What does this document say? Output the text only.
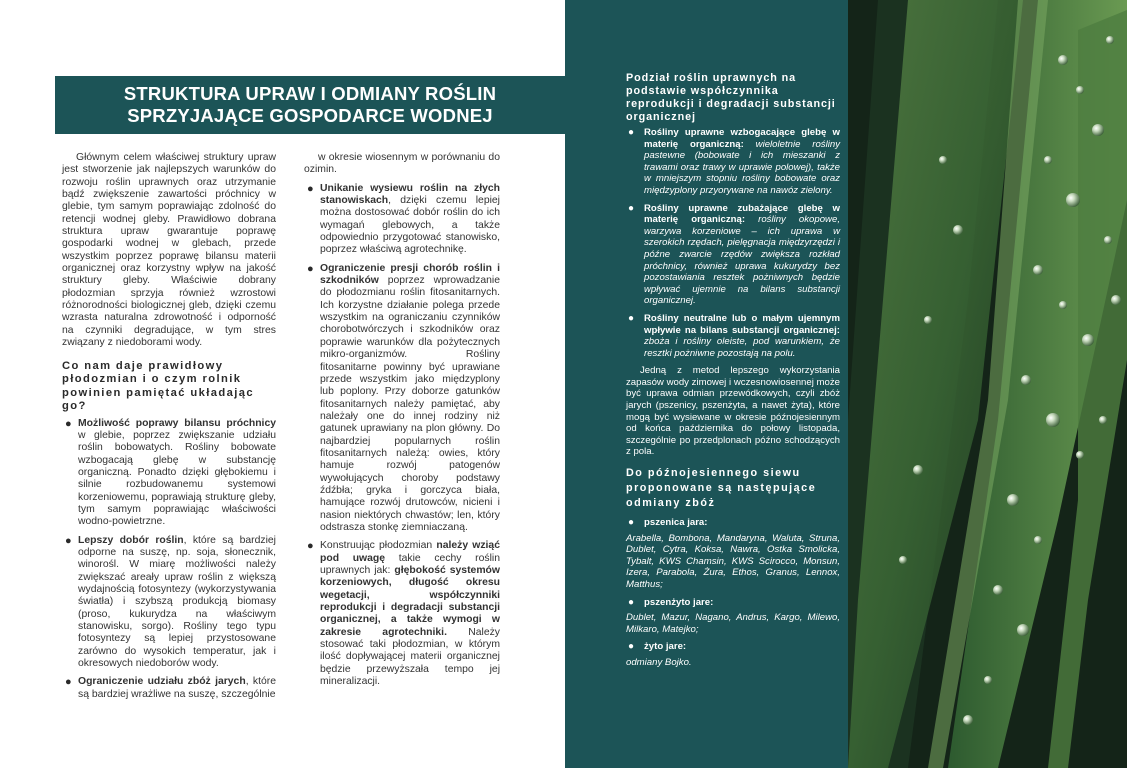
STRUKTURA UPRAW I ODMIANY ROŚLIN
SPRZYJAJĄCE GOSPODARCE WODNEJ

Głównym celem właściwej struktury upraw jest stworzenie jak najlepszych warunków do rozwoju roślin uprawnych oraz utrzymanie bądź zwiększenie zawartości próchnicy w glebie, tym samym poprawiając zdolność do retencji wodnej gleby. Prawidłowo dobrana struktura upraw gwarantuje poprawę gospodarki wodnej w glebach, przede wszystkim poprzez poprawę bilansu materii organicznej oraz korzystny wpływ na jakość struktury gleby. Właściwie dobrany płodozmian sprzyja również wzrostowi różnorodności biologicznej gleb, dzięki czemu wzrasta naturalna zdrowotność i odporność na czynniki degradujące, w tym stres związany z niedoborami wody.

Co nam daje prawidłowy płodozmian i o czym rolnik powinien pamiętać układając go?
● Możliwość poprawy bilansu próchnicy w glebie, poprzez zwiększanie udziału roślin bobowatych. Rośliny bobowate wzbogacają glebę w substancję organiczną. Ponadto dzięki głębokiemu i silnie rozbudowanemu systemowi korzeniowemu, poprawiają strukturę gleby, tym samym poprawiając właściwości wodno-powietrzne.
● Lepszy dobór roślin, które są bardziej odporne na suszę, np. soja, słonecznik, winorośl. W miarę możliwości należy zwiększać areały upraw roślin z większą wydajnością fotosyntezy (wykorzystywania światła) i szybszą produkcją biomasy (proso, kukurydza na właściwym stanowisku, sorgo). Rośliny tego typu fotosyntezy są lepiej przystosowane zarówno do wysokich temperatur, jak i okresowych niedoborów wody.
● Ograniczenie udziału zbóż jarych, które są bardziej wrażliwe na suszę, szczególnie

w okresie wiosennym w porównaniu do ozimin.

● Unikanie wysiewu roślin na złych stanowiskach, dzięki czemu lepiej można dostosować dobór roślin do ich wymagań glebowych, a także odpowiednio przygotować stanowisko, poprzez właściwą agrotechnikę.
● Ograniczenie presji chorób roślin i szkodników poprzez wprowadzanie do płodozmianu roślin fitosanitarnych. Ich korzystne działanie polega przede wszystkim na ograniczaniu czynników chorobotwórczych i szkodników oraz poprawie warunków dla pożytecznych mikro-organizmów. Rośliny fitosanitarne powinny być uprawiane przede wszystkim jako międzyplony lub poplony. Przy doborze gatunków fitosanitarnych należy pamiętać, aby należały one do innej rodziny niż gatunek uprawiany na plon główny. Do najbardziej popularnych roślin fitosanitarnych należą: owies, który hamuje rozwój patogenów wywołujących choroby podstawy źdźbła; gryka i gorczyca biała, hamujące rozwój drutowców, nicieni i nasion niektórych chwastów; len, który odstrasza stonkę ziemniaczaną.
● Konstruując płodozmian należy wziąć pod uwagę takie cechy roślin uprawnych jak: głębokość systemów korzeniowych, długość okresu wegetacji, współczynniki reprodukcji i degradacji substancji organicznej, a także wymogi w zakresie agrotechniki. Należy stosować taki płodozmian, w którym ilość dopływającej materii organicznej będzie przewyższała tempo jej mineralizacji.
Podział roślin uprawnych na podstawie współczynnika reprodukcji i degradacji substancji organicznej
● Rośliny uprawne wzbogacające glebę w materię organiczną: wieloletnie rośliny pastewne (bobowate i ich mieszanki z trawami oraz trawy w uprawie polowej), także w mniejszym stopniu rośliny bobowate oraz międzyplony przyorywane na nawóz zielony.
● Rośliny uprawne zubażające glebę w materię organiczną: rośliny okopowe, warzywa korzeniowe – ich uprawa w szerokich rzędach, pielęgnacja międzyrzędzi i późne zwarcie rzędów zwiększa rozkład próchnicy, również uprawa kukurydzy bez pozostawiania resztek pożniwnych będzie wpływać ujemnie na bilans substancji organicznej.
● Rośliny neutralne lub o małym ujemnym wpływie na bilans substancji organicznej: zboża i rośliny oleiste, pod warunkiem, że resztki pożniwne pozostają na polu.

Jedną z metod lepszego wykorzystania zapasów wody zimowej i wczesnowiosennej może być uprawa odmian przewódkowych, czyli zbóż jarych (pszenicy, pszenżyta, a nawet żyta), które mogą być wysiewane w okresie późnojesiennym od końca października do połowy listopada, szczególnie po przedplonach późno schodzących z pola.

Do późnojesiennego siewu proponowane są następujące odmiany zbóż
● pszenica jara:

Arabella, Bombona, Mandaryna, Waluta, Struna, Dublet, Cytra, Koksa, Nawra, Ostka Smolicka, Tybalt, KWS Chamsin, KWS Scirocco, Monsun, Izera, Parabola, Żura, Ethos, Granus, Lennox, Matthus;

● pszenżyto jare:

Dublet, Mazur, Nagano, Andrus, Kargo, Milewo, Milkaro, Matejko;

● żyto jare:

odmiany Bojko.
